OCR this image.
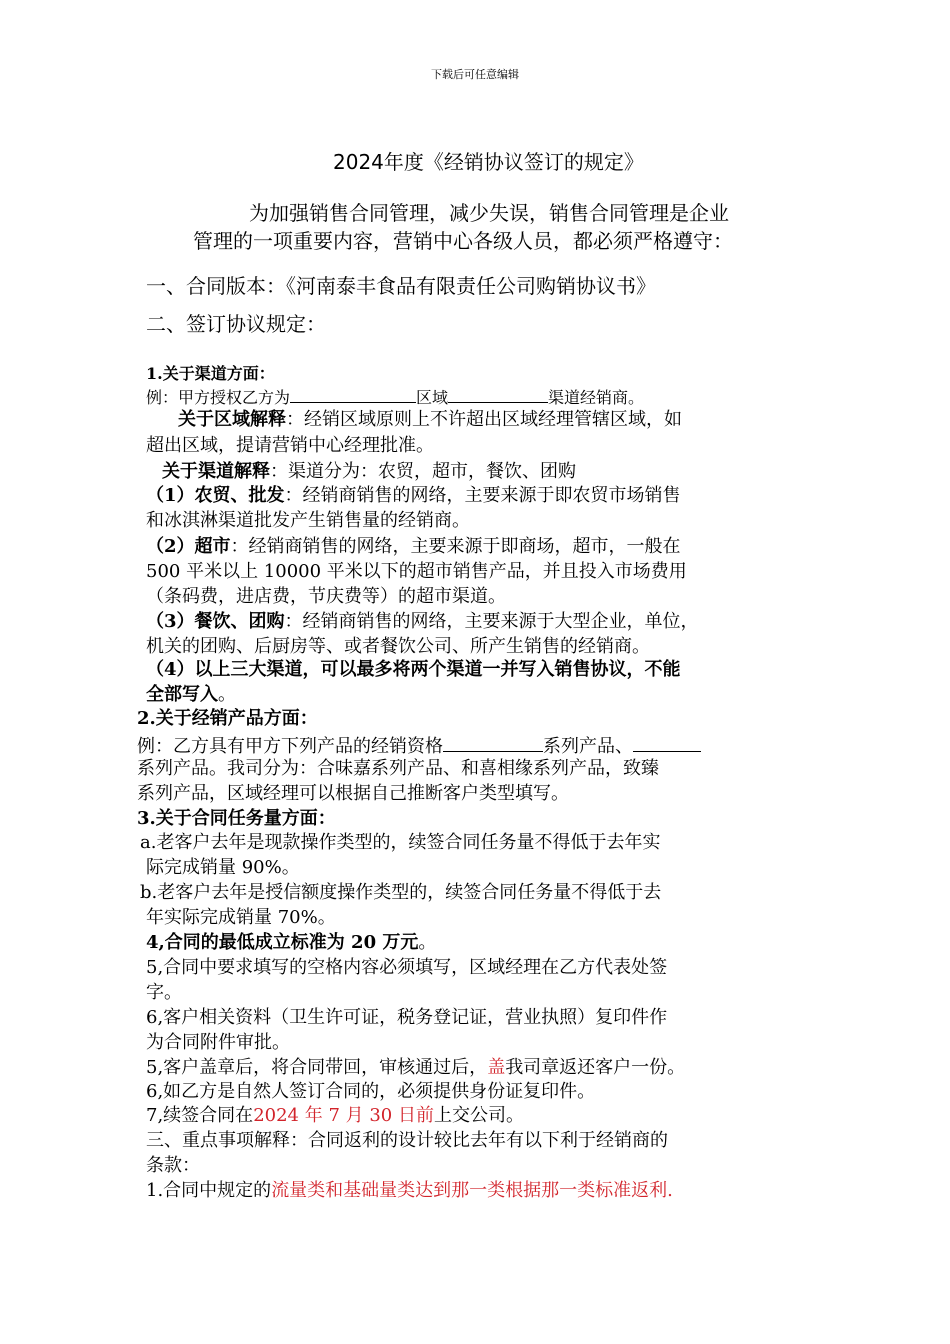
下载后可任意编辑
2024年度《经销协议签订的规定》
为加强销售合同管理，减少失误，销售合同管理是企业
管理的一项重要内容，营销中心各级人员，都必须严格遵守：
一、合同版本：《河南泰丰食品有限责任公司购销协议书》
二、签订协议规定：
1.关于渠道方面：
例：甲方授权乙方为	区域	渠道经销商。
关于区域解释：经销区域原则上不许超出区域经理管辖区域，如
超出区域，提请营销中心经理批准。
关于渠道解释：渠道分为：农贸，超市，餐饮、团购
（1）农贸、批发：经销商销售的网络，主要来源于即农贸市场销售
和冰淇淋渠道批发产生销售量的经销商。
（2）超市：经销商销售的网络，主要来源于即商场，超市，一般在
500 平米以上 10000 平米以下的超市销售产品，并且投入市场费用
（条码费，进店费，节庆费等）的超市渠道。
（3）餐饮、团购：经销商销售的网络，主要来源于大型企业，单位，
机关的团购、后厨房等、或者餐饮公司、所产生销售的经销商。
（4）以上三大渠道，可以最多将两个渠道一并写入销售协议，不能
全部写入。
2.关于经销产品方面：
例：乙方具有甲方下列产品的经销资格	系列产品、
系列产品。我司分为：合味嘉系列产品、和喜相缘系列产品，致臻
系列产品，区域经理可以根据自己推断客户类型填写。
3.关于合同任务量方面：
a.老客户去年是现款操作类型的，续签合同任务量不得低于去年实
际完成销量 90%。
b.老客户去年是授信额度操作类型的，续签合同任务量不得低于去
年实际完成销量 70%。
4,合同的最低成立标准为 20 万元。
5,合同中要求填写的空格内容必须填写，区域经理在乙方代表处签
字。
6,客户相关资料（卫生许可证，税务登记证，营业执照）复印件作
为合同附件审批。
5,客户盖章后，将合同带回，审核通过后，盖我司章返还客户一份。
6,如乙方是自然人签订合同的，必须提供身份证复印件。
7,续签合同在2024 年 7 月 30 日前上交公司。
三、重点事项解释：合同返利的设计较比去年有以下利于经销商的
条款：
1.合同中规定的流量类和基础量类达到那一类根据那一类标准返利.
